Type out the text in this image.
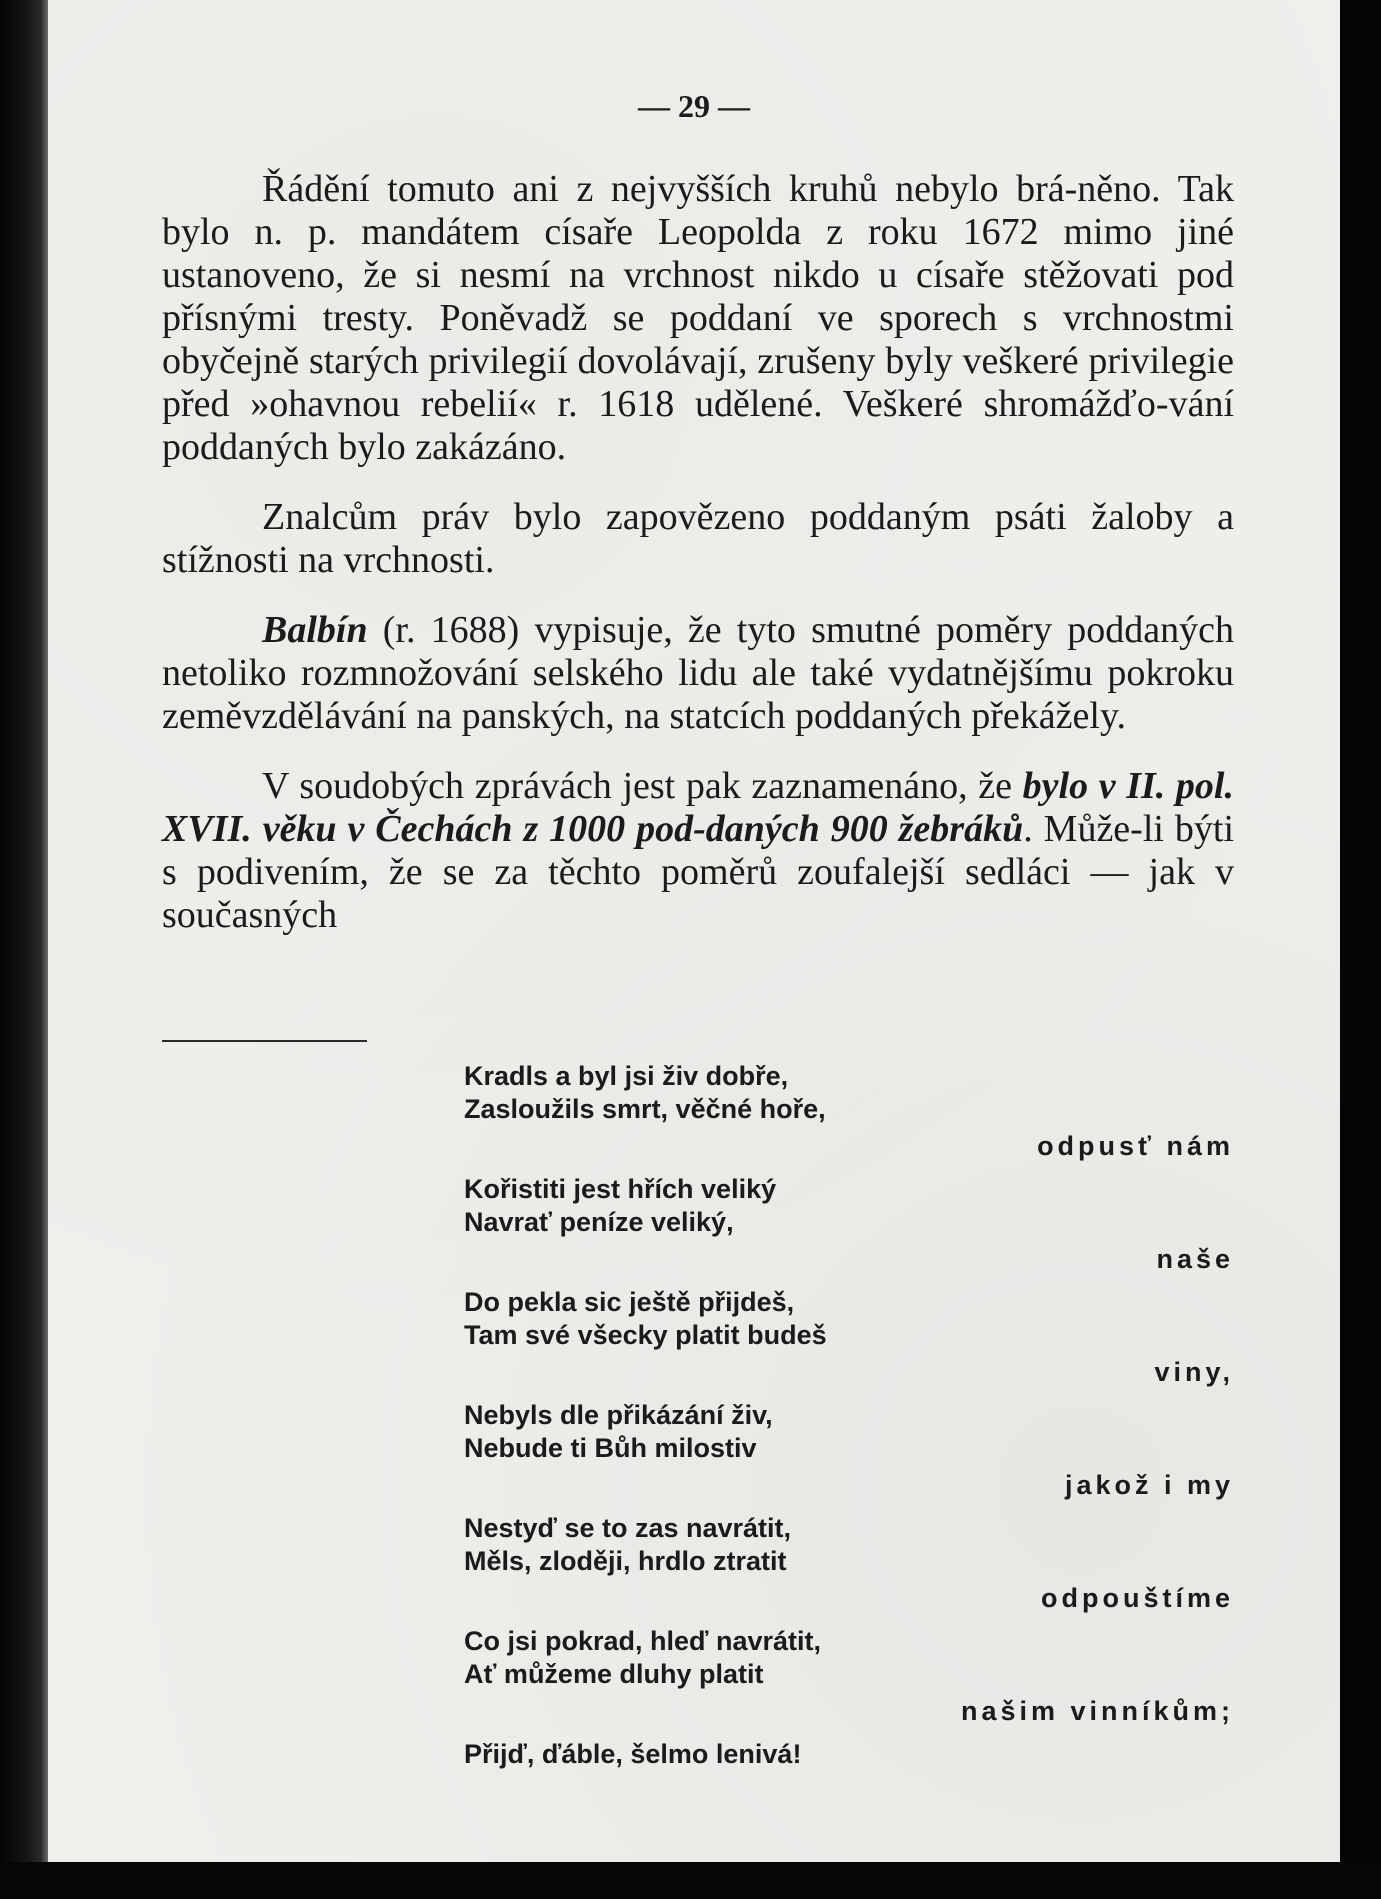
— 29 —

Řádění tomuto ani z nejvyšších kruhů nebylo brá-něno. Tak bylo n. p. mandátem císaře Leopolda z roku 1672 mimo jiné ustanoveno, že si nesmí na vrchnost nikdo u císaře stěžovati pod přísnými tresty. Poněvadž se poddaní ve sporech s vrchnostmi obyčejně starých privilegií dovolávají, zrušeny byly veškeré privilegie před »ohavnou rebelií« r. 1618 udělené. Veškeré shromážďo-vání poddaných bylo zakázáno.

Znalcům práv bylo zapovězeno poddaným psáti žaloby a stížnosti na vrchnosti.

Balbín (r. 1688) vypisuje, že tyto smutné poměry poddaných netoliko rozmnožování selského lidu ale také vydatnějšímu pokroku zeměvzdělávání na panských, na statcích poddaných překážely.

V soudobých zprávách jest pak zaznamenáno, že bylo v II. pol. XVII. věku v Čechách z 1000 pod-daných 900 žebráků. Může-li býti s podivením, že se za těchto poměrů zoufalejší sedláci — jak v současných

Kradls a byl jsi živ dobře,
Zasloužils smrt, věčné hoře,
odpusť nám
Kořistiti jest hřích veliký
Navrať peníze veliký,
naše
Do pekla sic ještě přijdeš,
Tam své všecky platit budeš
viny,
Nebyls dle přikázání živ,
Nebude ti Bůh milostiv
jakož i my
Nestyď se to zas navrátit,
Měls, zloději, hrdlo ztratit
odpouštíme
Co jsi pokrad, hleď navrátit,
Ať můžeme dluhy platit
našim vinníkům;
Přijď, ďáble, šelmo lenivá!
